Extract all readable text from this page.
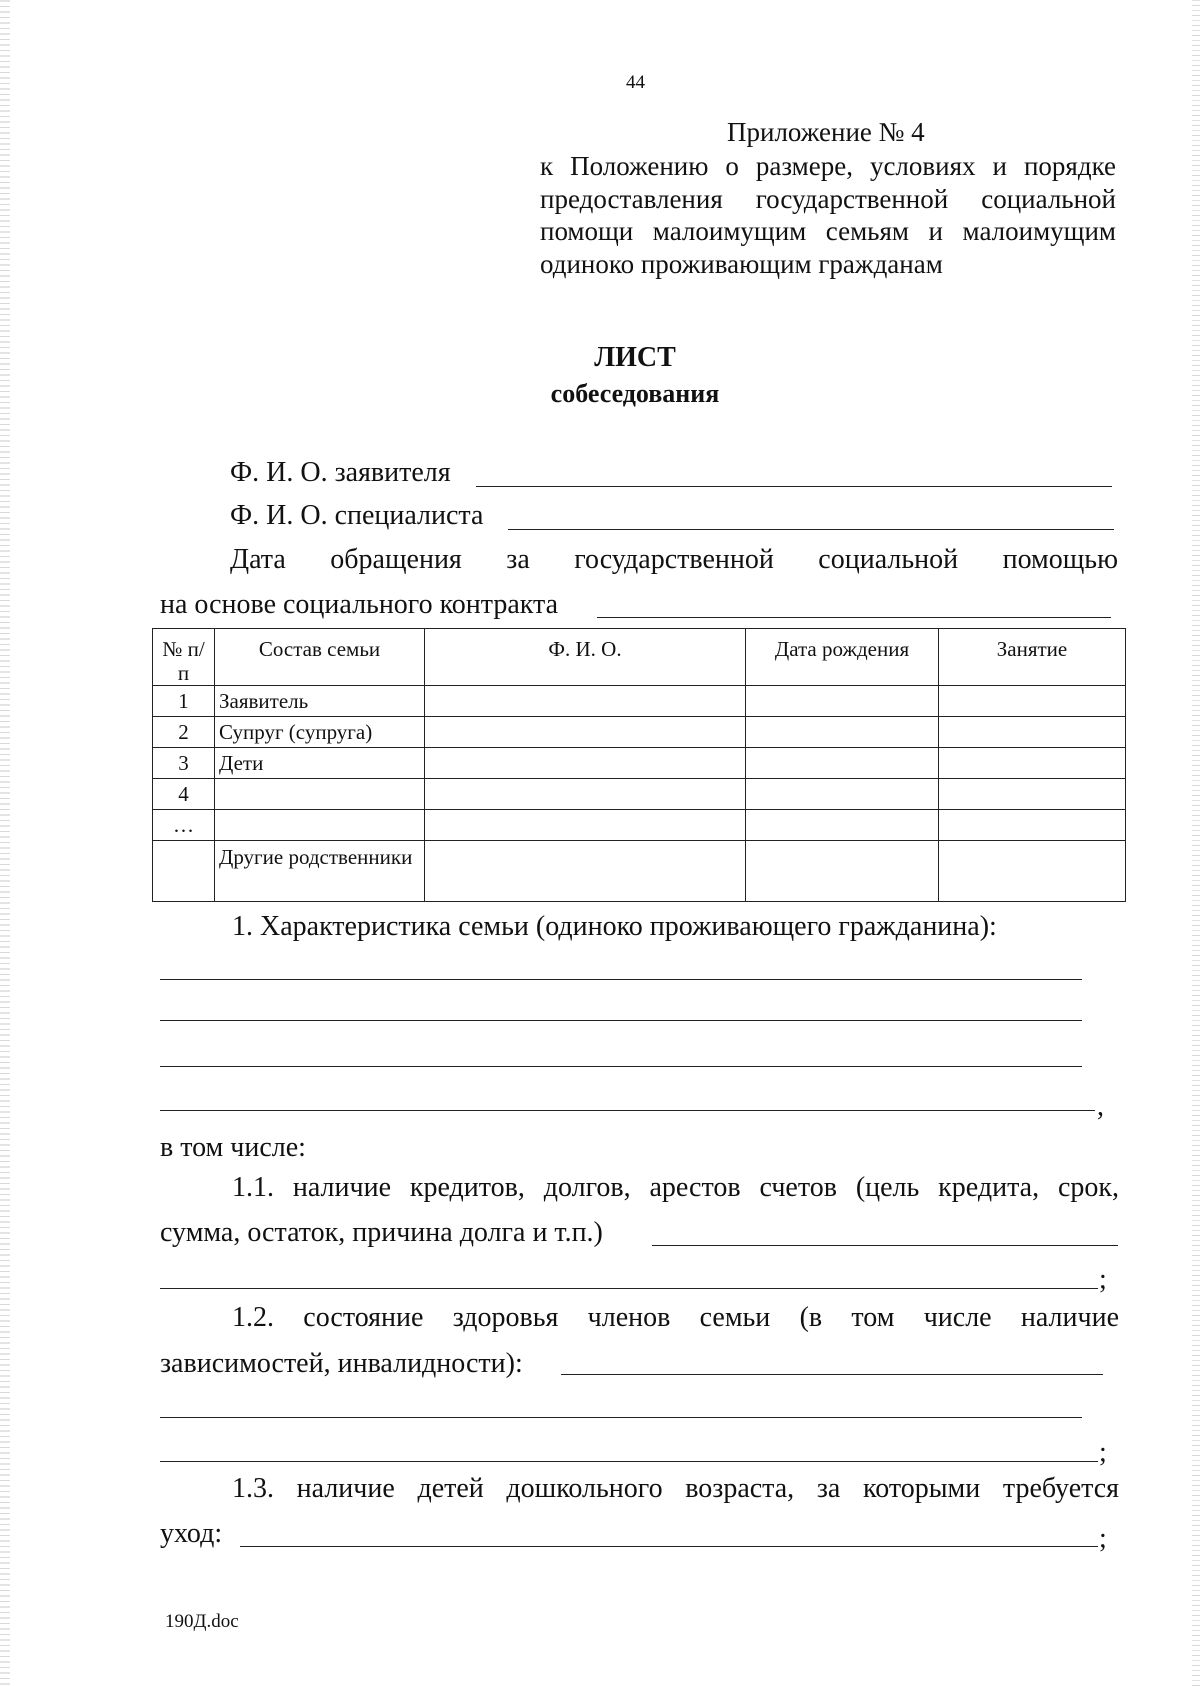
44
Приложение № 4
к Положению о размере, условиях и порядке
предоставления государственной социальной
помощи малоимущим семьям и малоимущим
одиноко проживающим гражданам
ЛИСТ
собеседования
Ф. И. О. заявителя
Ф. И. О. специалиста
Дата обращения за государственной социальной помощью
на основе социального контракта
№ п/п	Состав семьи	Ф. И. О.	Дата рождения	Занятие
1	Заявитель			
2	Супруг (супруга)			
3	Дети			
4				
…				
	Другие родственники			
1. Характеристика семьи (одиноко проживающего гражданина):
,
в том числе:
1.1. наличие кредитов, долгов, арестов счетов (цель кредита, срок,
сумма, остаток, причина долга и т.п.)
;
1.2. состояние здоровья членов семьи (в том числе наличие
зависимостей, инвалидности):
;
1.3. наличие детей дошкольного возраста, за которыми требуется
уход:	;
190Д.doc
